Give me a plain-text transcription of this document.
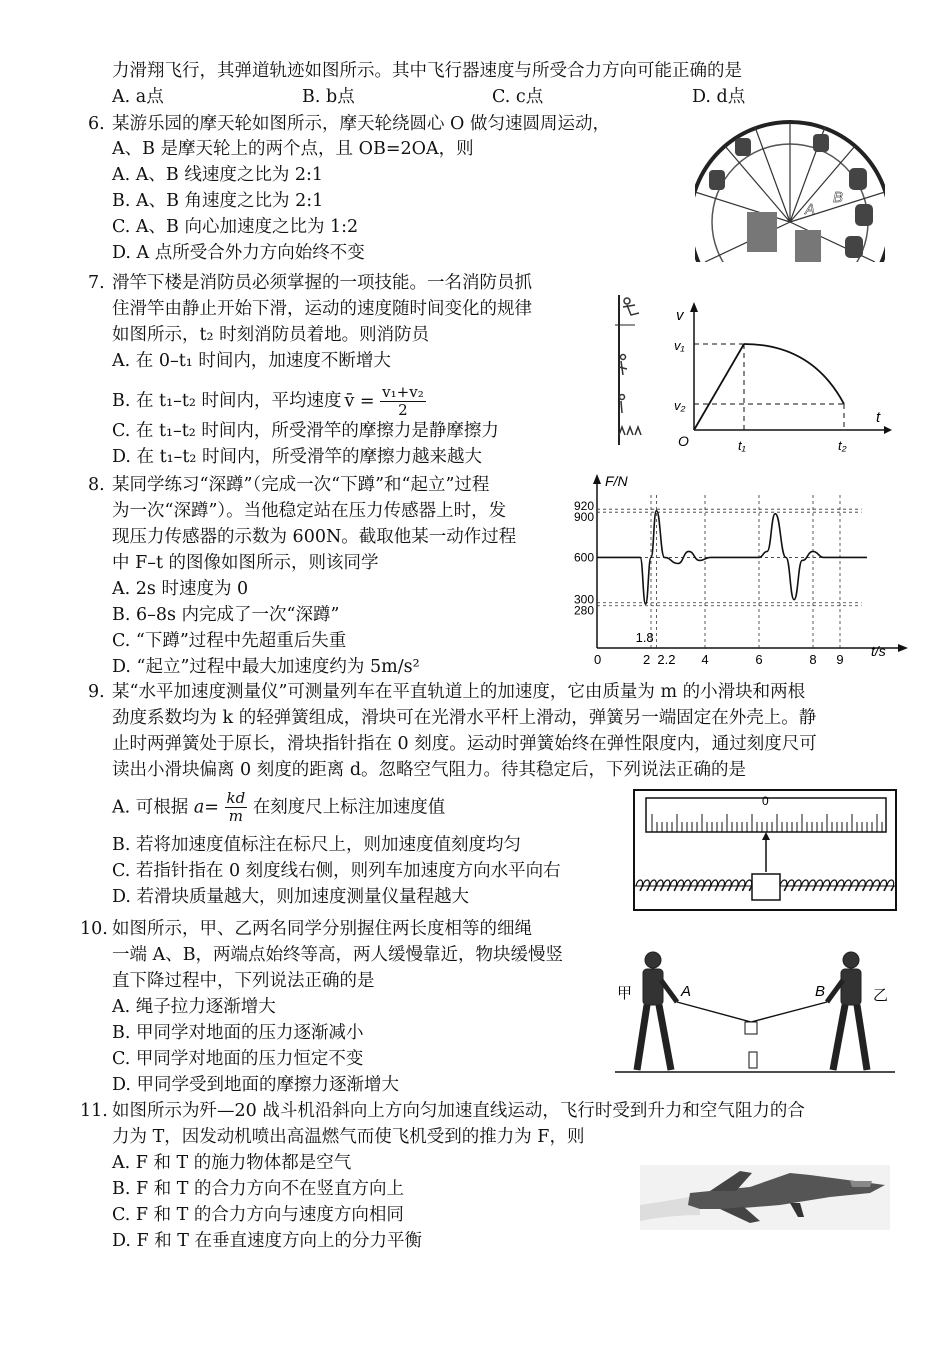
力滑翔飞行，其弹道轨迹如图所示。其中飞行器速度与所受合力方向可能正确的是
A. a点	B. b点	C. c点	D. d点
6. 某游乐园的摩天轮如图所示，摩天轮绕圆心 O 做匀速圆周运动，
A、B 是摩天轮上的两个点，且 OB=2OA，则
A. A、B 线速度之比为 2:1
B. A、B 角速度之比为 2:1
C. A、B 向心加速度之比为 1:2
D. A 点所受合外力方向始终不变
A
B
7. 滑竿下楼是消防员必须掌握的一项技能。一名消防员抓
住滑竿由静止开始下滑，运动的速度随时间变化的规律
如图所示，t₂ 时刻消防员着地。则消防员
A. 在 0–t₁ 时间内，加速度不断增大
B. 在 t₁–t₂ 时间内，平均速度 v̄ = $\frac{\text{v₁+v₂}}{2}$
C. 在 t₁–t₂ 时间内，所受滑竿的摩擦力是静摩擦力
D. 在 t₁–t₂ 时间内，所受滑竿的摩擦力越来越大
v
t
v₁
v₂
O	t₁	t₂
8. 某同学练习“深蹲”（完成一次“下蹲”和“起立”过程
为一次“深蹲”）。当他稳定站在压力传感器上时，发
现压力传感器的示数为 600N。截取他某一动作过程
中 F–t 的图像如图所示，则该同学
A. 2s 时速度为 0
B. 6–8s 内完成了一次“深蹲”
C. “下蹲”过程中先超重后失重
D. “起立”过程中最大加速度约为 5m/s²
F/N
t/s
280
300
600
900
920
0
1.8
2 2.2 4	6	8 9
9. 某“水平加速度测量仪”可测量列车在平直轨道上的加速度，它由质量为 m 的小滑块和两根
劲度系数均为 k 的轻弹簧组成，滑块可在光滑水平杆上滑动，弹簧另一端固定在外壳上。静
止时两弹簧处于原长，滑块指针指在 0 刻度。运动时弹簧始终在弹性限度内，通过刻度尺可
读出小滑块偏离 0 刻度的距离 d。忽略空气阻力。待其稳定后，下列说法正确的是
A. 可根据 $a= \frac{kd}{m}$ 在刻度尺上标注加速度值
B. 若将加速度值标注在标尺上，则加速度值刻度均匀
C. 若指针指在 0 刻度线右侧，则列车加速度方向水平向右
D. 若滑块质量越大，则加速度测量仪量程越大
0
10. 如图所示，甲、乙两名同学分别握住两长度相等的细绳
一端 A、B，两端点始终等高，两人缓慢靠近，物块缓慢竖
直下降过程中，下列说法正确的是
A. 绳子拉力逐渐增大
B. 甲同学对地面的压力逐渐减小
C. 甲同学对地面的压力恒定不变
D. 甲同学受到地面的摩擦力逐渐增大
甲	乙
A	B
11. 如图所示为歼—20 战斗机沿斜向上方向匀加速直线运动，飞行时受到升力和空气阻力的合
力为 T，因发动机喷出高温燃气而使飞机受到的推力为 F，则
A. F 和 T 的施力物体都是空气
B. F 和 T 的合力方向不在竖直方向上
C. F 和 T 的合力方向与速度方向相同
D. F 和 T 在垂直速度方向上的分力平衡
